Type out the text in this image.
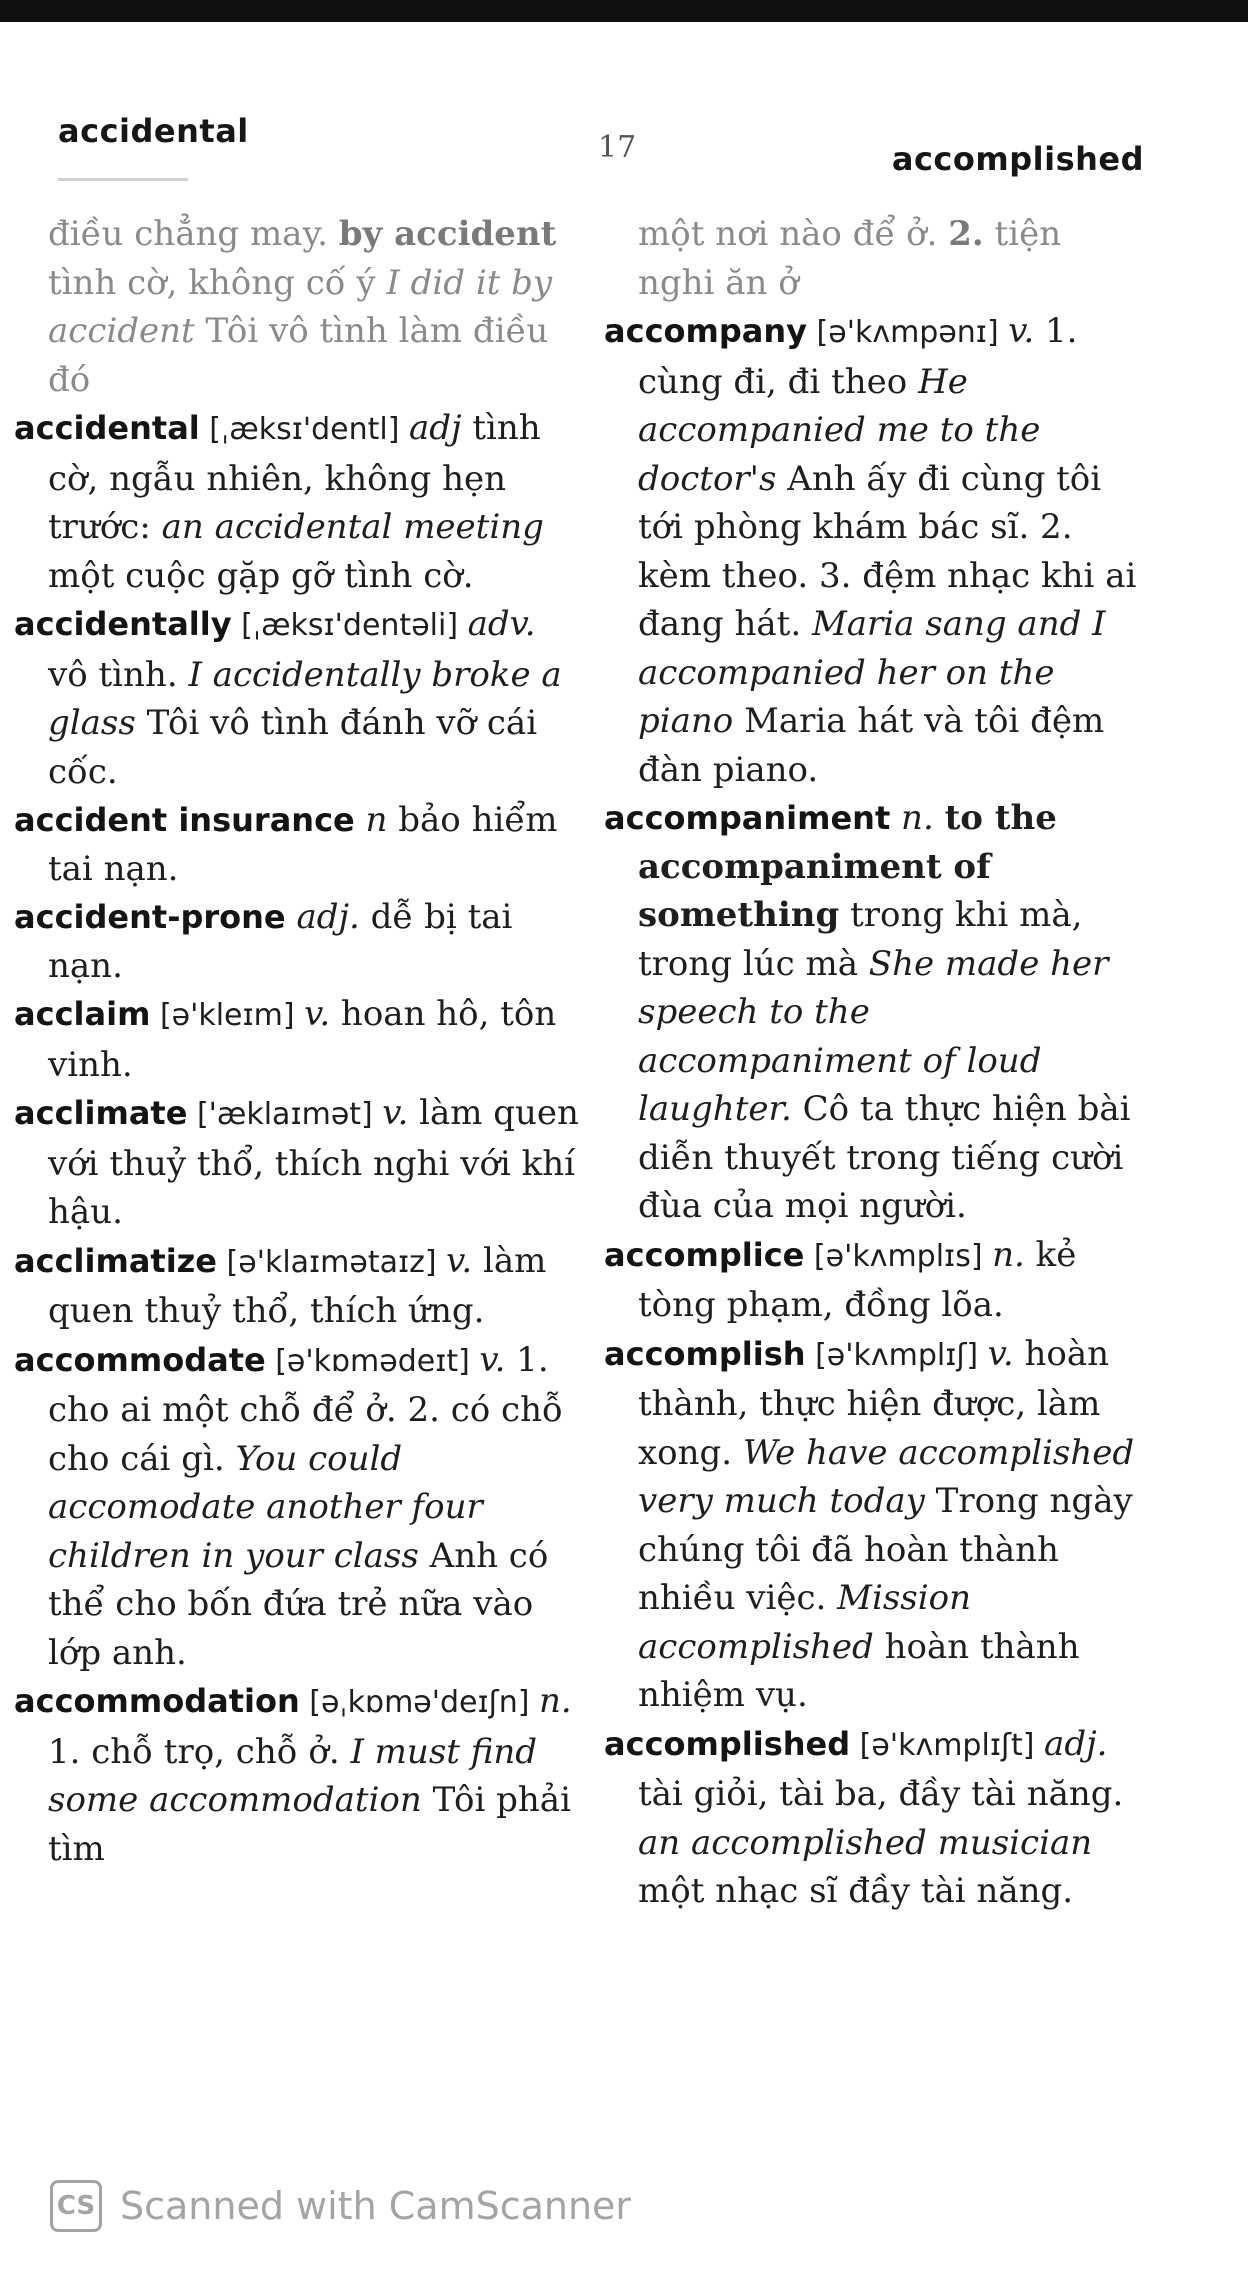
accidental	17	accomplished

điều chẳng may. by accident tình cờ, không cố ý I did it by accident Tôi vô tình làm điều đó

accidental [ˌæksɪ'dentl] adj tình cờ, ngẫu nhiên, không hẹn trước: an accidental meeting một cuộc gặp gỡ tình cờ.

accidentally [ˌæksɪ'dentəli] adv. vô tình. I accidentally broke a glass Tôi vô tình đánh vỡ cái cốc.

accident insurance n bảo hiểm tai nạn.

accident-prone adj. dễ bị tai nạn.

acclaim [ə'kleɪm] v. hoan hô, tôn vinh.

acclimate ['æklaɪmət] v. làm quen với thuỷ thổ, thích nghi với khí hậu.

acclimatize [ə'klaɪmətaɪz] v. làm quen thuỷ thổ, thích ứng.

accommodate [ə'kɒmədeɪt] v. 1. cho ai một chỗ để ở. 2. có chỗ cho cái gì. You could accomodate another four children in your class Anh có thể cho bốn đứa trẻ nữa vào lớp anh.

accommodation [əˌkɒmə'deɪʃn] n. 1. chỗ trọ, chỗ ở. I must find some accommodation Tôi phải tìm

một nơi nào để ở. 2. tiện nghi ăn ở

accompany [ə'kʌmpənɪ] v. 1. cùng đi, đi theo He accompanied me to the doctor's Anh ấy đi cùng tôi tới phòng khám bác sĩ. 2. kèm theo. 3. đệm nhạc khi ai đang hát. Maria sang and I accompanied her on the piano Maria hát và tôi đệm đàn piano.

accompaniment n. to the accompaniment of something trong khi mà, trong lúc mà She made her speech to the accompaniment of loud laughter. Cô ta thực hiện bài diễn thuyết trong tiếng cười đùa của mọi người.

accomplice [ə'kʌmplɪs] n. kẻ tòng phạm, đồng lõa.

accomplish [ə'kʌmplɪʃ] v. hoàn thành, thực hiện được, làm xong. We have accomplished very much today Trong ngày chúng tôi đã hoàn thành nhiều việc. Mission accomplished hoàn thành nhiệm vụ.

accomplished [ə'kʌmplɪʃt] adj. tài giỏi, tài ba, đầy tài năng. an accomplished musician một nhạc sĩ đầy tài năng.

CS Scanned with CamScanner
